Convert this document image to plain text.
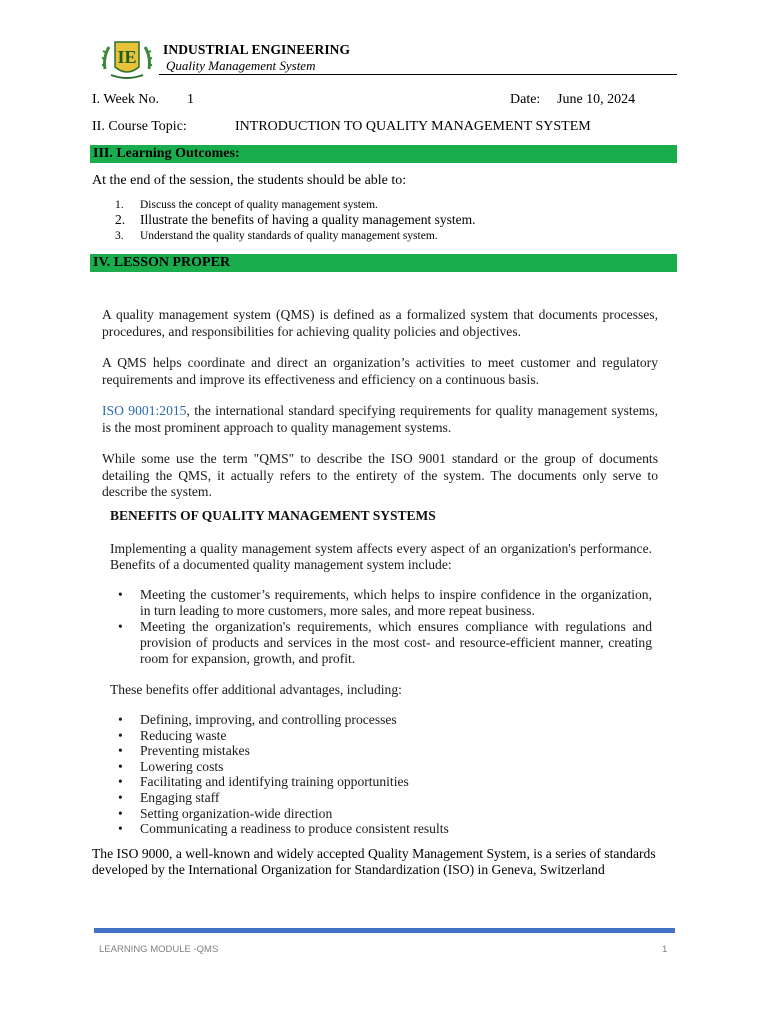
IE INDUSTRIAL ENGINEERING
Quality Management System
I. Week No. 1	Date: June 10, 2024
II. Course Topic:	INTRODUCTION TO QUALITY MANAGEMENT SYSTEM
III. Learning Outcomes:
At the end of the session, the students should be able to:
1. Discuss the concept of quality management system.
2. Illustrate the benefits of having a quality management system.
3. Understand the quality standards of quality management system.
IV. LESSON PROPER
A quality management system (QMS) is defined as a formalized system that documents processes, procedures, and responsibilities for achieving quality policies and objectives.
A QMS helps coordinate and direct an organization’s activities to meet customer and regulatory requirements and improve its effectiveness and efficiency on a continuous basis.
ISO 9001:2015, the international standard specifying requirements for quality management systems, is the most prominent approach to quality management systems.
While some use the term "QMS" to describe the ISO 9001 standard or the group of documents detailing the QMS, it actually refers to the entirety of the system. The documents only serve to describe the system.
BENEFITS OF QUALITY MANAGEMENT SYSTEMS
Implementing a quality management system affects every aspect of an organization's performance. Benefits of a documented quality management system include:
• Meeting the customer’s requirements, which helps to inspire confidence in the organization, in turn leading to more customers, more sales, and more repeat business.
• Meeting the organization's requirements, which ensures compliance with regulations and provision of products and services in the most cost- and resource-efficient manner, creating room for expansion, growth, and profit.
These benefits offer additional advantages, including:
• Defining, improving, and controlling processes
• Reducing waste
• Preventing mistakes
• Lowering costs
• Facilitating and identifying training opportunities
• Engaging staff
• Setting organization-wide direction
• Communicating a readiness to produce consistent results
The ISO 9000, a well-known and widely accepted Quality Management System, is a series of standards developed by the International Organization for Standardization (ISO) in Geneva, Switzerland
LEARNING MODULE -QMS	1
